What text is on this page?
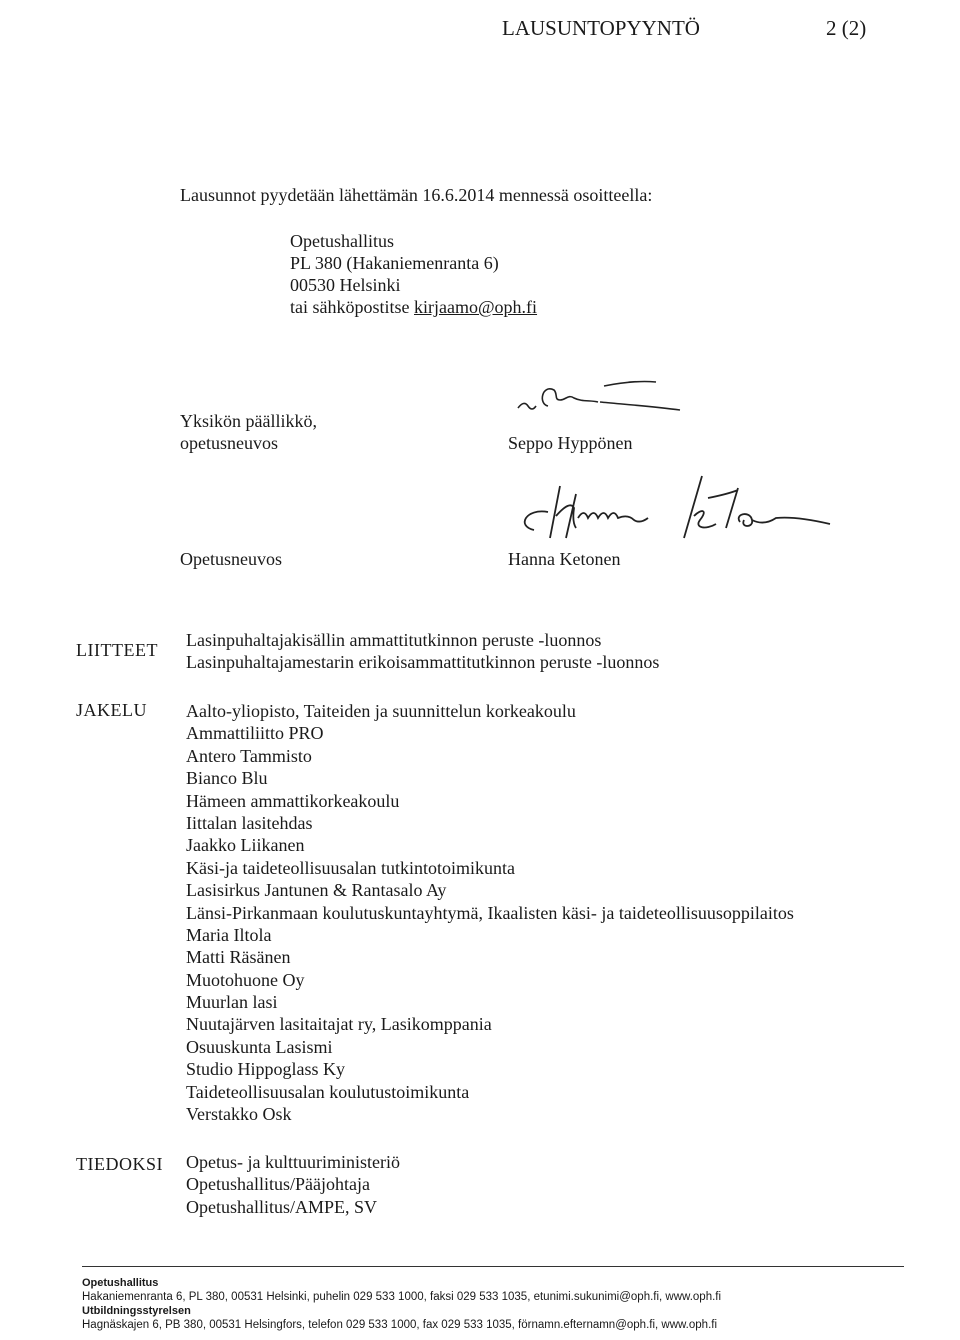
LAUSUNTOPYYNTÖ	2 (2)
Lausunnot pyydetään lähettämän 16.6.2014 mennessä osoitteella:
Opetushallitus
PL 380 (Hakaniemenranta 6)
00530 Helsinki
tai sähköpostitse kirjaamo@oph.fi
Yksikön päällikkö,
opetusneuvos	Seppo Hyppönen
Opetusneuvos	Hanna Ketonen
LIITTEET Lasinpuhaltajakisällin ammattitutkinnon peruste -luonnos
Lasinpuhaltajamestarin erikoisammattitutkinnon peruste -luonnos
JAKELU Aalto-yliopisto, Taiteiden ja suunnittelun korkeakoulu
Ammattiliitto PRO
Antero Tammisto
Bianco Blu
Hämeen ammattikorkeakoulu
Iittalan lasitehdas
Jaakko Liikanen
Käsi-ja taideteollisuusalan tutkintotoimikunta
Lasisirkus Jantunen & Rantasalo Ay
Länsi-Pirkanmaan koulutuskuntayhtymä, Ikaalisten käsi- ja taideteollisuusoppilaitos
Maria Iltola
Matti Räsänen
Muotohuone Oy
Muurlan lasi
Nuutajärven lasitaitajat ry, Lasikomppania
Osuuskunta Lasismi
Studio Hippoglass Ky
Taideteollisuusalan koulutustoimikunta
Verstakko Osk
TIEDOKSI Opetus- ja kulttuuriministeriö
Opetushallitus/Pääjohtaja
Opetushallitus/AMPE, SV
Opetushallitus
Hakaniemenranta 6, PL 380, 00531 Helsinki, puhelin 029 533 1000, faksi 029 533 1035, etunimi.sukunimi@oph.fi, www.oph.fi
Utbildningsstyrelsen
Hagnäskajen 6, PB 380, 00531 Helsingfors, telefon 029 533 1000, fax 029 533 1035, förnamn.efternamn@oph.fi, www.oph.fi
